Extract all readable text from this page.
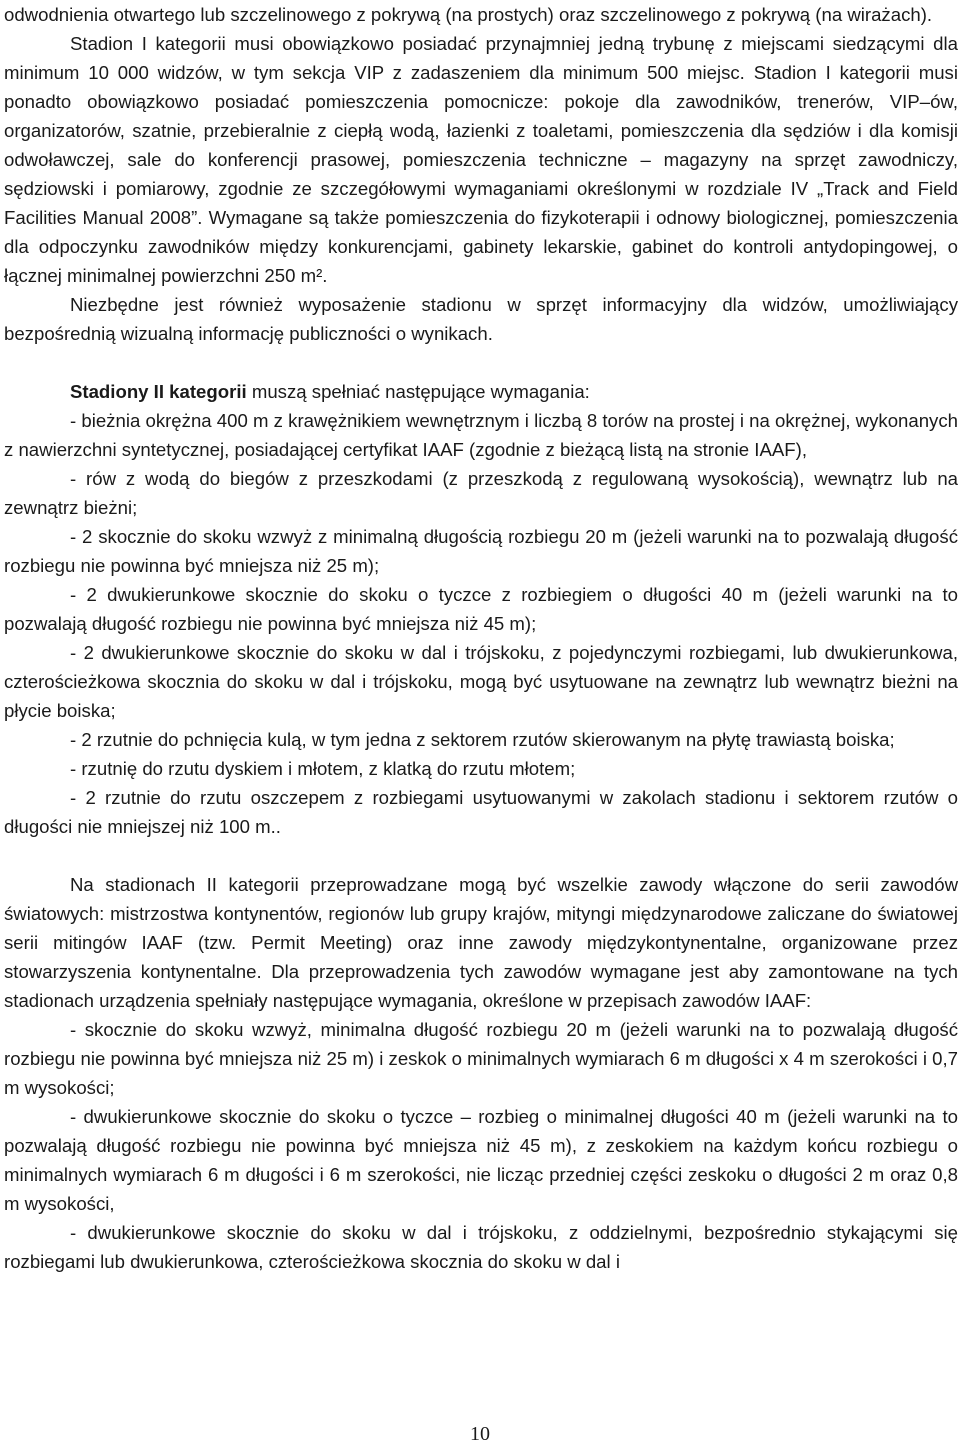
odwodnienia otwartego lub szczelinowego z pokrywą (na prostych) oraz szczelinowego z pokrywą (na wirażach).

Stadion I kategorii musi obowiązkowo posiadać przynajmniej jedną trybunę z miejscami siedzącymi dla minimum 10 000 widzów, w tym sekcja VIP z zadaszeniem dla minimum 500 miejsc. Stadion I kategorii musi ponadto obowiązkowo posiadać pomieszczenia pomocnicze: pokoje dla zawodników, trenerów, VIP–ów, organizatorów, szatnie, przebieralnie z ciepłą wodą, łazienki z toaletami, pomieszczenia dla sędziów i dla komisji odwoławczej, sale do konferencji prasowej, pomieszczenia techniczne – magazyny na sprzęt zawodniczy, sędziowski i pomiarowy, zgodnie ze szczegółowymi wymaganiami określonymi w rozdziale IV „Track and Field Facilities Manual 2008”. Wymagane są także pomieszczenia do fizykoterapii i odnowy biologicznej, pomieszczenia dla odpoczynku zawodników między konkurencjami, gabinety lekarskie, gabinet do kontroli antydopingowej, o łącznej minimalnej powierzchni 250 m².

Niezbędne jest również wyposażenie stadionu w sprzęt informacyjny dla widzów, umożliwiający bezpośrednią wizualną informację publiczności o wynikach.

Stadiony II kategorii muszą spełniać następujące wymagania:

- bieżnia okrężna 400 m z krawężnikiem wewnętrznym i liczbą 8 torów na prostej i na okrężnej, wykonanych z nawierzchni syntetycznej, posiadającej certyfikat IAAF (zgodnie z bieżącą listą na stronie IAAF),

- rów z wodą do biegów z przeszkodami (z przeszkodą z regulowaną wysokością), wewnątrz lub na zewnątrz bieżni;

- 2 skocznie do skoku wzwyż z minimalną długością rozbiegu 20 m (jeżeli warunki na to pozwalają długość rozbiegu nie powinna być mniejsza niż 25 m);

- 2 dwukierunkowe skocznie do skoku o tyczce z rozbiegiem o długości 40 m (jeżeli warunki na to pozwalają długość rozbiegu nie powinna być mniejsza niż 45 m);

- 2 dwukierunkowe skocznie do skoku w dal i trójskoku, z pojedynczymi rozbiegami, lub dwukierunkowa, czterościeżkowa skocznia do skoku w dal i trójskoku, mogą być usytuowane na zewnątrz lub wewnątrz bieżni na płycie boiska;

- 2 rzutnie do pchnięcia kulą, w tym jedna z sektorem rzutów skierowanym na płytę trawiastą boiska;

- rzutnię do rzutu dyskiem i młotem, z klatką do rzutu młotem;

- 2 rzutnie do rzutu oszczepem z rozbiegami usytuowanymi w zakolach stadionu i sektorem rzutów o długości nie mniejszej niż 100 m..

Na stadionach II kategorii przeprowadzane mogą być wszelkie zawody włączone do serii zawodów światowych: mistrzostwa kontynentów, regionów lub grupy krajów, mityngi międzynarodowe zaliczane do światowej serii mitingów IAAF (tzw. Permit Meeting) oraz inne zawody międzykontynentalne, organizowane przez stowarzyszenia kontynentalne. Dla przeprowadzenia tych zawodów wymagane jest aby zamontowane na tych stadionach urządzenia spełniały następujące wymagania, określone w przepisach zawodów IAAF:

- skocznie do skoku wzwyż, minimalna długość rozbiegu 20 m (jeżeli warunki na to pozwalają długość rozbiegu nie powinna być mniejsza niż 25 m) i zeskok o minimalnych wymiarach 6 m długości x 4 m szerokości i 0,7 m wysokości;

- dwukierunkowe skocznie do skoku o tyczce – rozbieg o minimalnej długości 40 m (jeżeli warunki na to pozwalają długość rozbiegu nie powinna być mniejsza niż 45 m), z zeskokiem na każdym końcu rozbiegu o minimalnych wymiarach 6 m długości i 6 m szerokości, nie licząc przedniej części zeskoku o długości 2 m oraz 0,8 m wysokości,

- dwukierunkowe skocznie do skoku w dal i trójskoku, z oddzielnymi, bezpośrednio stykającymi się rozbiegami lub dwukierunkowa, czterościeżkowa skocznia do skoku w dal i

10
